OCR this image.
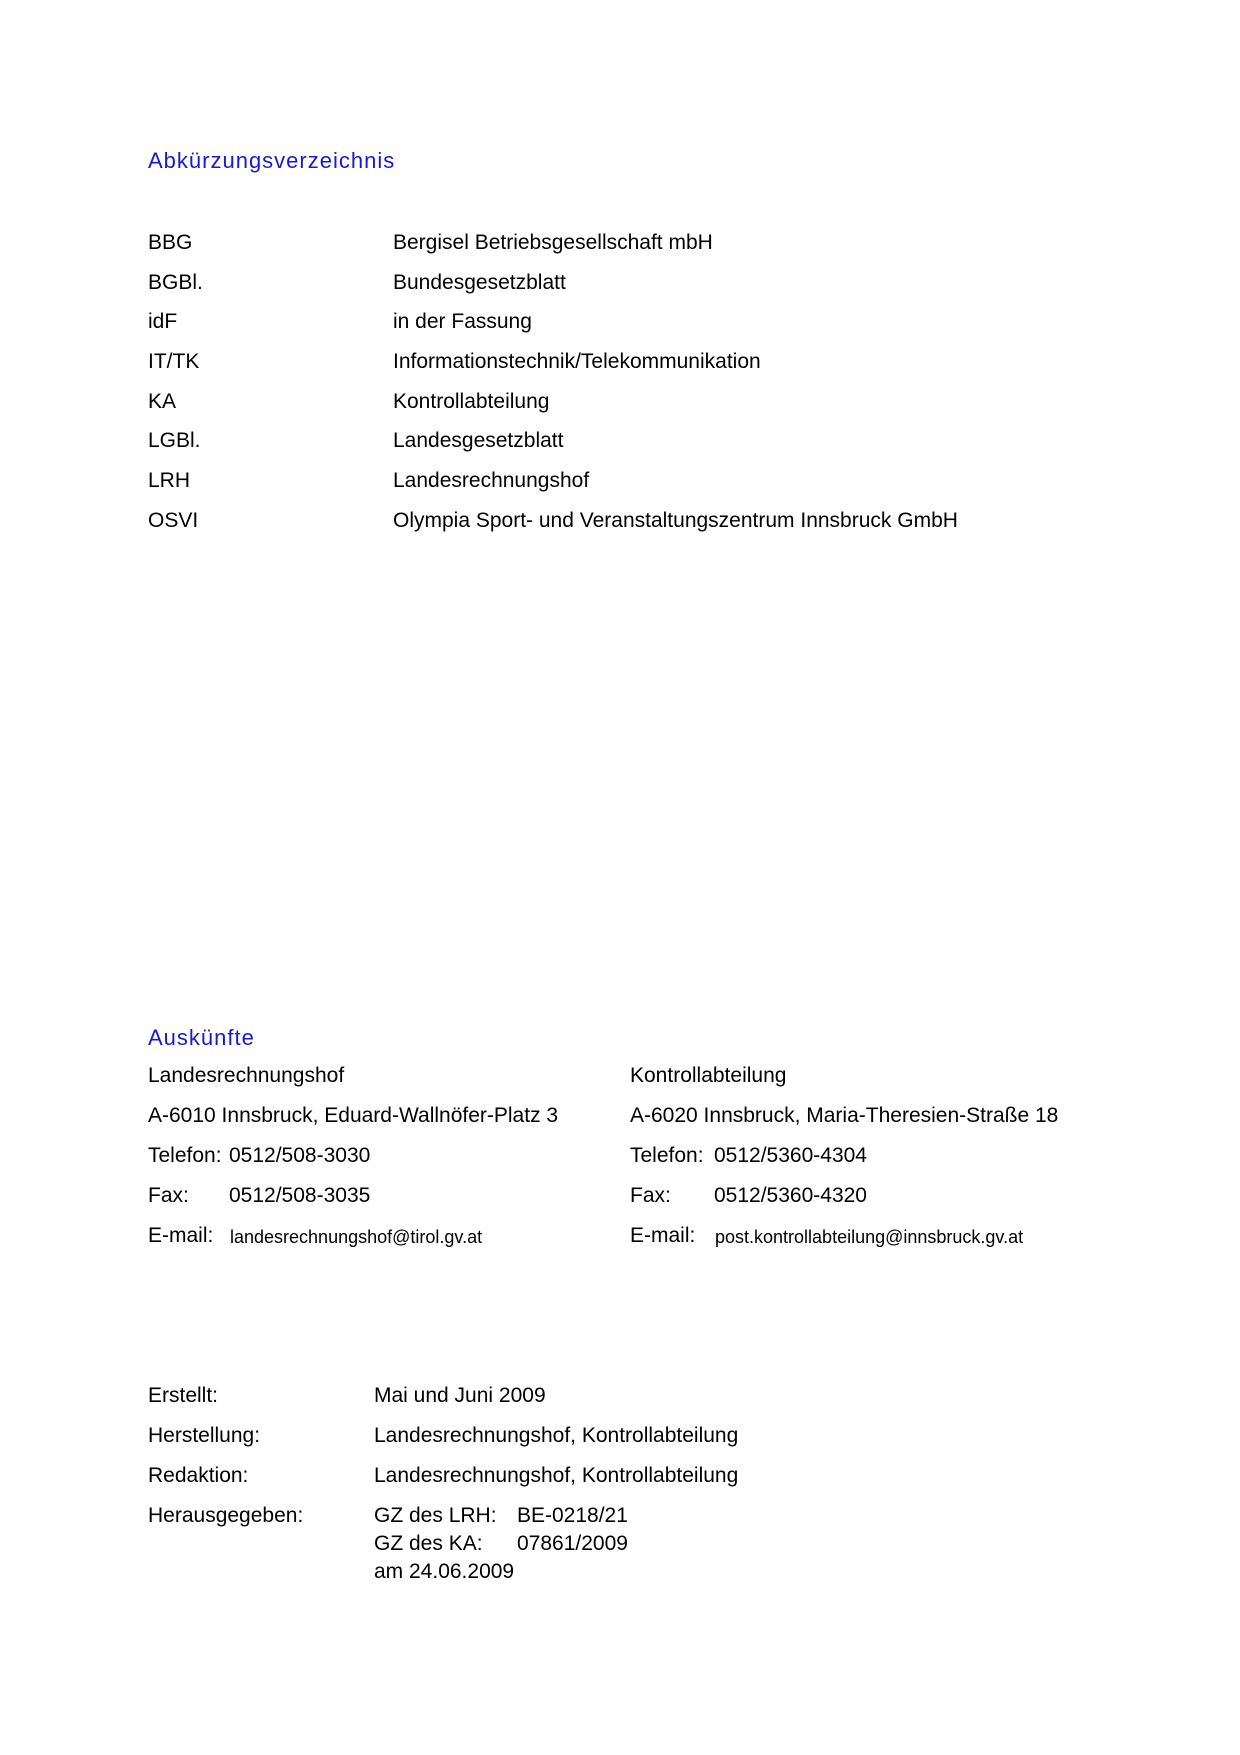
Abkürzungsverzeichnis
BBG	Bergisel Betriebsgesellschaft mbH
BGBl.	Bundesgesetzblatt
idF	in der Fassung
IT/TK	Informationstechnik/Telekommunikation
KA	Kontrollabteilung
LGBl.	Landesgesetzblatt
LRH	Landesrechnungshof
OSVI	Olympia Sport- und Veranstaltungszentrum Innsbruck GmbH
Auskünfte
Landesrechnungshof
A-6010 Innsbruck, Eduard-Wallnöfer-Platz 3
Telefon: 0512/508-3030
Fax: 0512/508-3035
E-mail: landesrechnungshof@tirol.gv.at
Kontrollabteilung
A-6020 Innsbruck, Maria-Theresien-Straße 18
Telefon: 0512/5360-4304
Fax: 0512/5360-4320
E-mail: post.kontrollabteilung@innsbruck.gv.at
Erstellt:	Mai und Juni 2009
Herstellung:	Landesrechnungshof, Kontrollabteilung
Redaktion:	Landesrechnungshof, Kontrollabteilung
Herausgegeben:	GZ des LRH: BE-0218/21
GZ des KA: 07861/2009
am 24.06.2009
